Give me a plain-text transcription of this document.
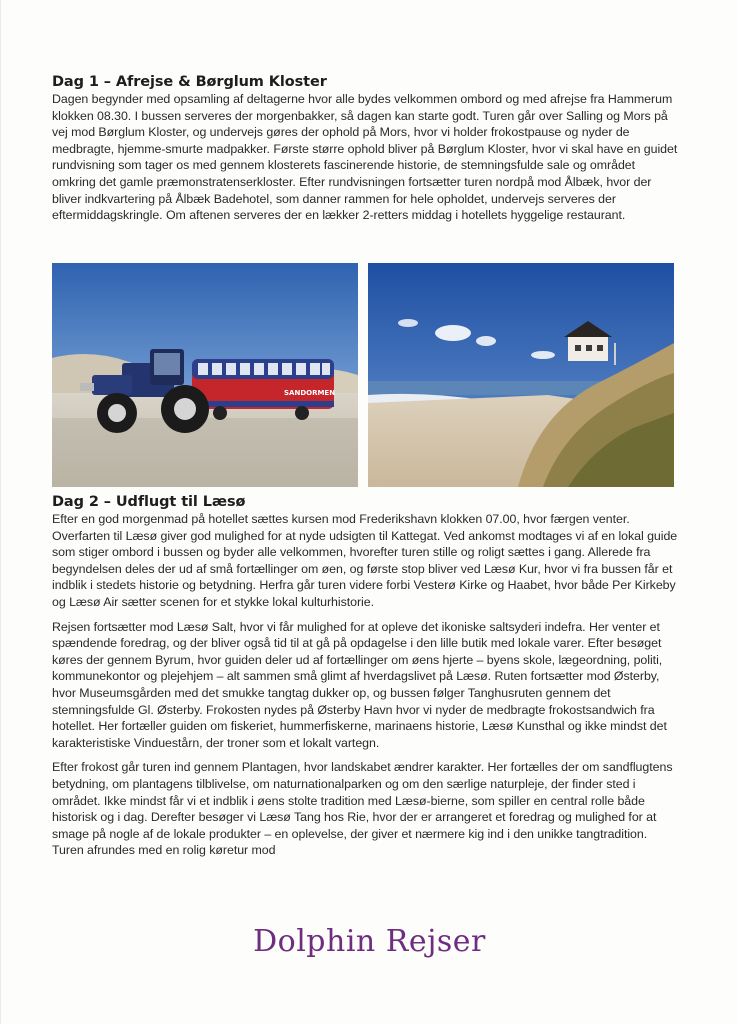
Dag 1 – Afrejse & Børglum Kloster

Dagen begynder med opsamling af deltagerne hvor alle bydes velkommen ombord og med afrejse fra Hammerum klokken 08.30. I bussen serveres der morgenbakker, så dagen kan starte godt. Turen går over Salling og Mors på vej mod Børglum Kloster, og undervejs gøres der ophold på Mors, hvor vi holder frokostpause og nyder de medbragte, hjemme-smurte madpakker. Første større ophold bliver på Børglum Kloster, hvor vi skal have en guidet rundvisning som tager os med gennem klosterets fascinerende historie, de stemningsfulde sale og området omkring det gamle præmonstratenserkloster. Efter rundvisningen fortsætter turen nordpå mod Ålbæk, hvor der bliver indkvartering på Ålbæk Badehotel, som danner rammen for hele opholdet, undervejs serveres der eftermiddagskringle. Om aftenen serveres der en lækker 2-retters middag i hotellets hyggelige restaurant.

SANDORMEN
Dag 2 – Udflugt til Læsø

Efter en god morgenmad på hotellet sættes kursen mod Frederikshavn klokken 07.00, hvor færgen venter. Overfarten til Læsø giver god mulighed for at nyde udsigten til Kattegat. Ved ankomst modtages vi af en lokal guide som stiger ombord i bussen og byder alle velkommen, hvorefter turen stille og roligt sættes i gang. Allerede fra begyndelsen deles der ud af små fortællinger om øen, og første stop bliver ved Læsø Kur, hvor vi fra bussen får et indblik i stedets historie og betydning. Herfra går turen videre forbi Vesterø Kirke og Haabet, hvor både Per Kirkeby og Læsø Air sætter scenen for et stykke lokal kulturhistorie.

Rejsen fortsætter mod Læsø Salt, hvor vi får mulighed for at opleve det ikoniske saltsyderi indefra. Her venter et spændende foredrag, og der bliver også tid til at gå på opdagelse i den lille butik med lokale varer. Efter besøget køres der gennem Byrum, hvor guiden deler ud af fortællinger om øens hjerte – byens skole, lægeordning, politi, kommunekontor og plejehjem – alt sammen små glimt af hverdagslivet på Læsø. Ruten fortsætter mod Østerby, hvor Museumsgården med det smukke tangtag dukker op, og bussen følger Tanghusruten gennem det stemningsfulde Gl. Østerby. Frokosten nydes på Østerby Havn hvor vi nyder de medbragte frokostsandwich fra hotellet. Her fortæller guiden om fiskeriet, hummerfiskerne, marinaens historie, Læsø Kunsthal og ikke mindst det karakteristiske Vinduestårn, der troner som et lokalt vartegn.

Efter frokost går turen ind gennem Plantagen, hvor landskabet ændrer karakter. Her fortælles der om sandflugtens betydning, om plantagens tilblivelse, om naturnationalparken og om den særlige naturpleje, der finder sted i området. Ikke mindst får vi et indblik i øens stolte tradition med Læsø-bierne, som spiller en central rolle både historisk og i dag. Derefter besøger vi Læsø Tang hos Rie, hvor der er arrangeret et foredrag og mulighed for at smage på nogle af de lokale produkter – en oplevelse, der giver et nærmere kig ind i den unikke tangtradition. Turen afrundes med en rolig køretur mod

Dolphin Rejser
